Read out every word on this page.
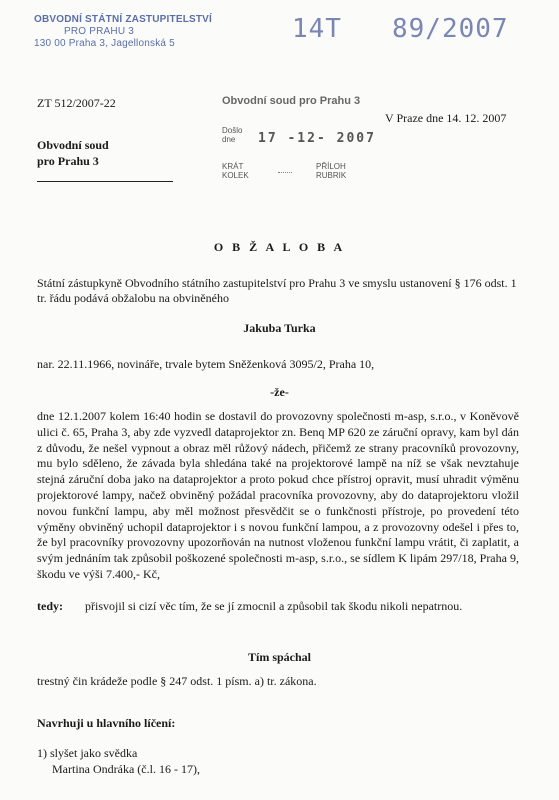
OBVODNÍ STÁTNÍ ZASTUPITELSTVÍ
PRO PRAHU 3
130 00 Praha 3, Jagellonská 5	14T 89/2007
Obvodní soud pro Prahu 3
Došlo
dne	17 -12- 2007
KRÁT
KOLEK
PŘÍLOH
RUBRIK
ZT 512/2007-22
V Praze dne 14. 12. 2007
Obvodní soud
pro Prahu 3
O B Ž A L O B A
Státní zástupkyně Obvodního státního zastupitelství pro Prahu 3 ve smyslu ustanovení § 176 odst. 1 tr. řádu podává obžalobu na obviněného
Jakuba Turka
nar. 22.11.1966, novináře, trvale bytem Sněženková 3095/2, Praha 10,
-že-
dne 12.1.2007 kolem 16:40 hodin se dostavil do provozovny společnosti m-asp, s.r.o., v Koněvově ulici č. 65, Praha 3, aby zde vyzvedl dataprojektor zn. Benq MP 620 ze záruční opravy, kam byl dán z důvodu, že nešel vypnout a obraz měl růžový nádech, přičemž ze strany pracovníků provozovny, mu bylo sděleno, že závada byla shledána také na projektorové lampě na níž se však nevztahuje stejná záruční doba jako na dataprojektor a proto pokud chce přístroj opravit, musí uhradit výměnu projektorové lampy, načež obviněný požádal pracovníka provozovny, aby do dataprojektoru vložil novou funkční lampu, aby měl možnost přesvědčit se o funkčnosti přístroje, po provedení této výměny obviněný uchopil dataprojektor i s novou funkční lampou, a z provozovny odešel i přes to, že byl pracovníky provozovny upozorňován na nutnost vloženou funkční lampu vrátit, či zaplatit, a svým jednáním tak způsobil poškozené společnosti m-asp, s.r.o., se sídlem K lipám 297/18, Praha 9, škodu ve výši 7.400,- Kč,
tedy: přisvojil si cizí věc tím, že se jí zmocnil a způsobil tak škodu nikoli nepatrnou.
Tím spáchal
trestný čin krádeže podle § 247 odst. 1 písm. a) tr. zákona.
Navrhuji u hlavního líčení:
1) slyšet jako svědka
Martina Ondráka (č.l. 16 - 17),
